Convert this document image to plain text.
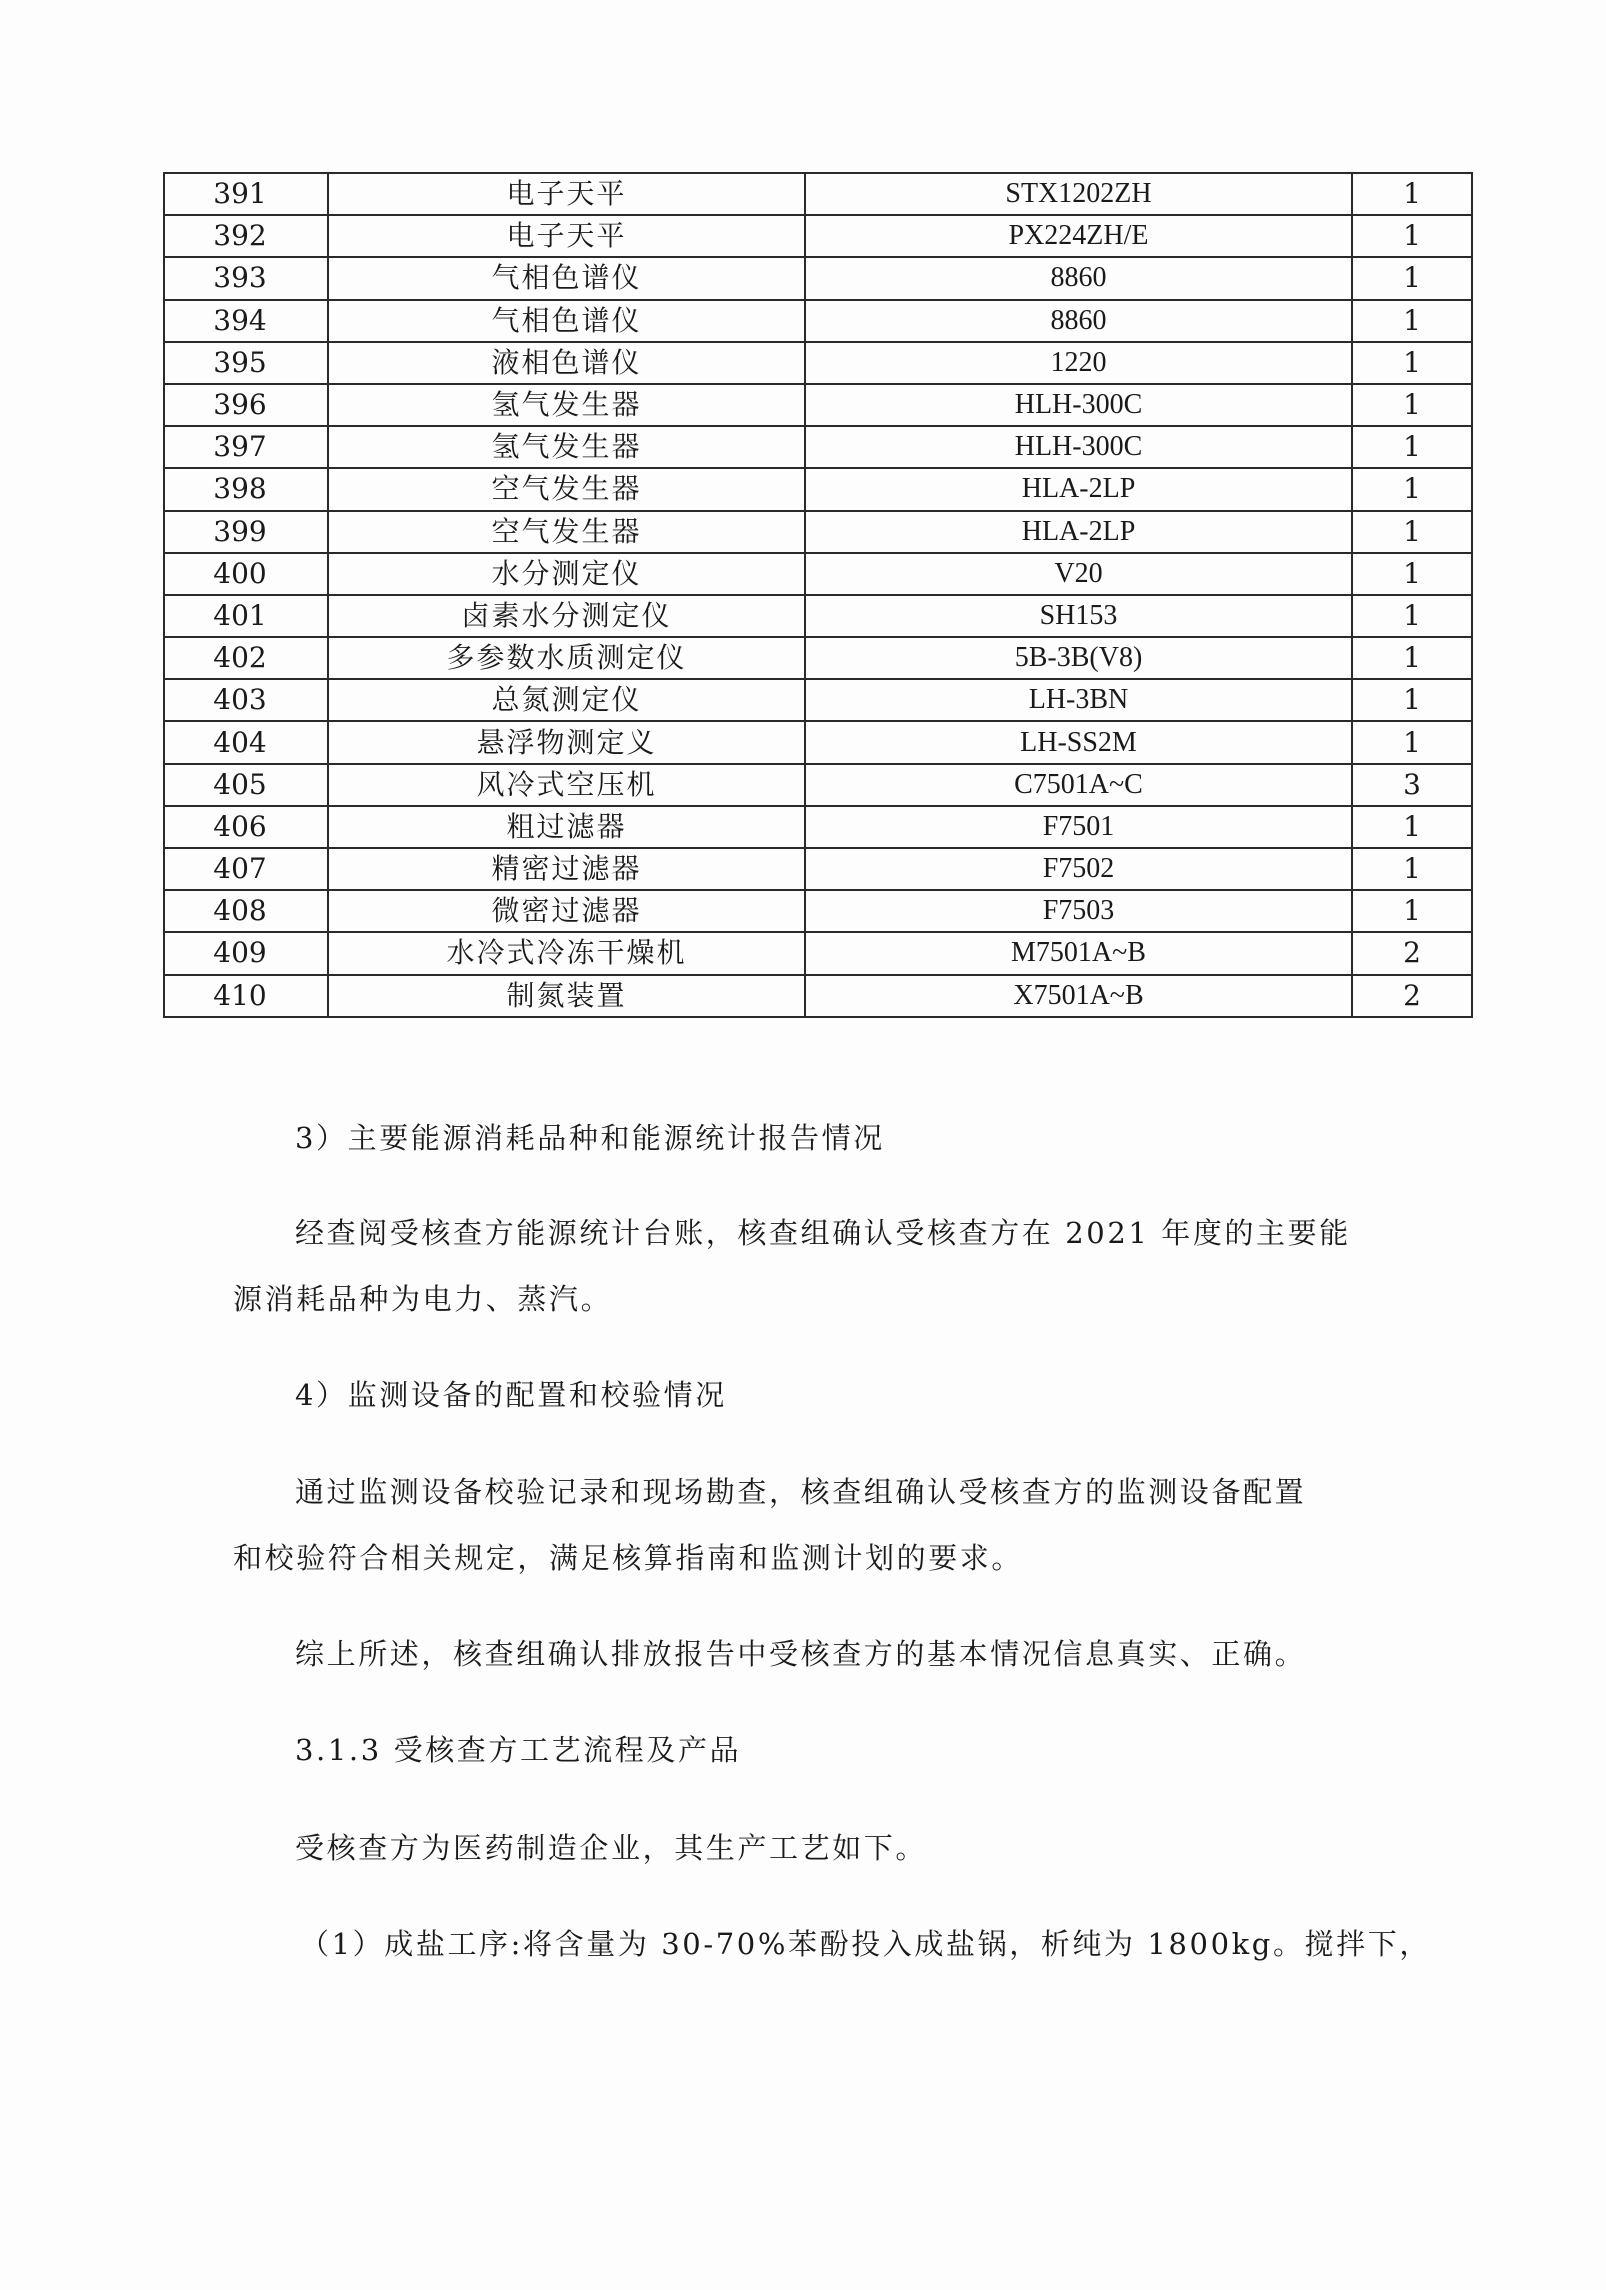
391	电子天平	STX1202ZH	1
392	电子天平	PX224ZH/E	1
393	气相色谱仪	8860	1
394	气相色谱仪	8860	1
395	液相色谱仪	1220	1
396	氢气发生器	HLH-300C	1
397	氢气发生器	HLH-300C	1
398	空气发生器	HLA-2LP	1
399	空气发生器	HLA-2LP	1
400	水分测定仪	V20	1
401	卤素水分测定仪	SH153	1
402	多参数水质测定仪	5B-3B(V8)	1
403	总氮测定仪	LH-3BN	1
404	悬浮物测定义	LH-SS2M	1
405	风冷式空压机	C7501A~C	3
406	粗过滤器	F7501	1
407	精密过滤器	F7502	1
408	微密过滤器	F7503	1
409	水冷式冷冻干燥机	M7501A~B	2
410	制氮装置	X7501A~B	2
3）主要能源消耗品种和能源统计报告情况
经查阅受核查方能源统计台账，核查组确认受核查方在 2021 年度的主要能
源消耗品种为电力、蒸汽。
4）监测设备的配置和校验情况
通过监测设备校验记录和现场勘查，核查组确认受核查方的监测设备配置
和校验符合相关规定，满足核算指南和监测计划的要求。
综上所述，核查组确认排放报告中受核查方的基本情况信息真实、正确。
3.1.3 受核查方工艺流程及产品
受核查方为医药制造企业，其生产工艺如下。
（1）成盐工序:将含量为 30-70%苯酚投入成盐锅，析纯为 1800kg。搅拌下，
